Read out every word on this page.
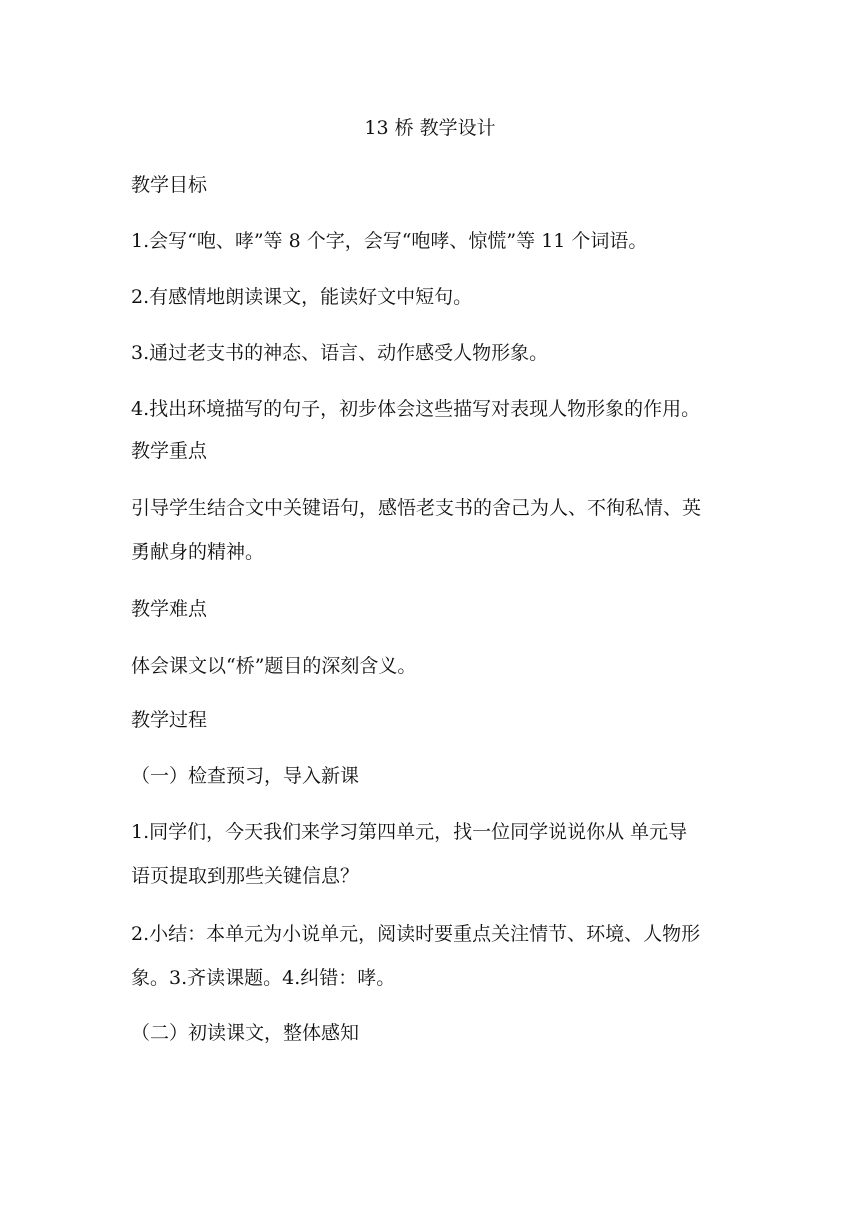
13 桥 教学设计
教学目标
1.会写“咆、哮”等 8 个字，会写“咆哮、惊慌”等 11 个词语。
2.有感情地朗读课文，能读好文中短句。
3.通过老支书的神态、语言、动作感受人物形象。
4.找出环境描写的句子，初步体会这些描写对表现人物形象的作用。
教学重点
引导学生结合文中关键语句，感悟老支书的舍己为人、不徇私情、英
勇献身的精神。
教学难点
体会课文以“桥”题目的深刻含义。
教学过程
（一）检查预习，导入新课
1.同学们，今天我们来学习第四单元，找一位同学说说你从 单元导
语页提取到那些关键信息？
2.小结：本单元为小说单元，阅读时要重点关注情节、环境、人物形
象。3.齐读课题。4.纠错：哮。
（二）初读课文，整体感知
